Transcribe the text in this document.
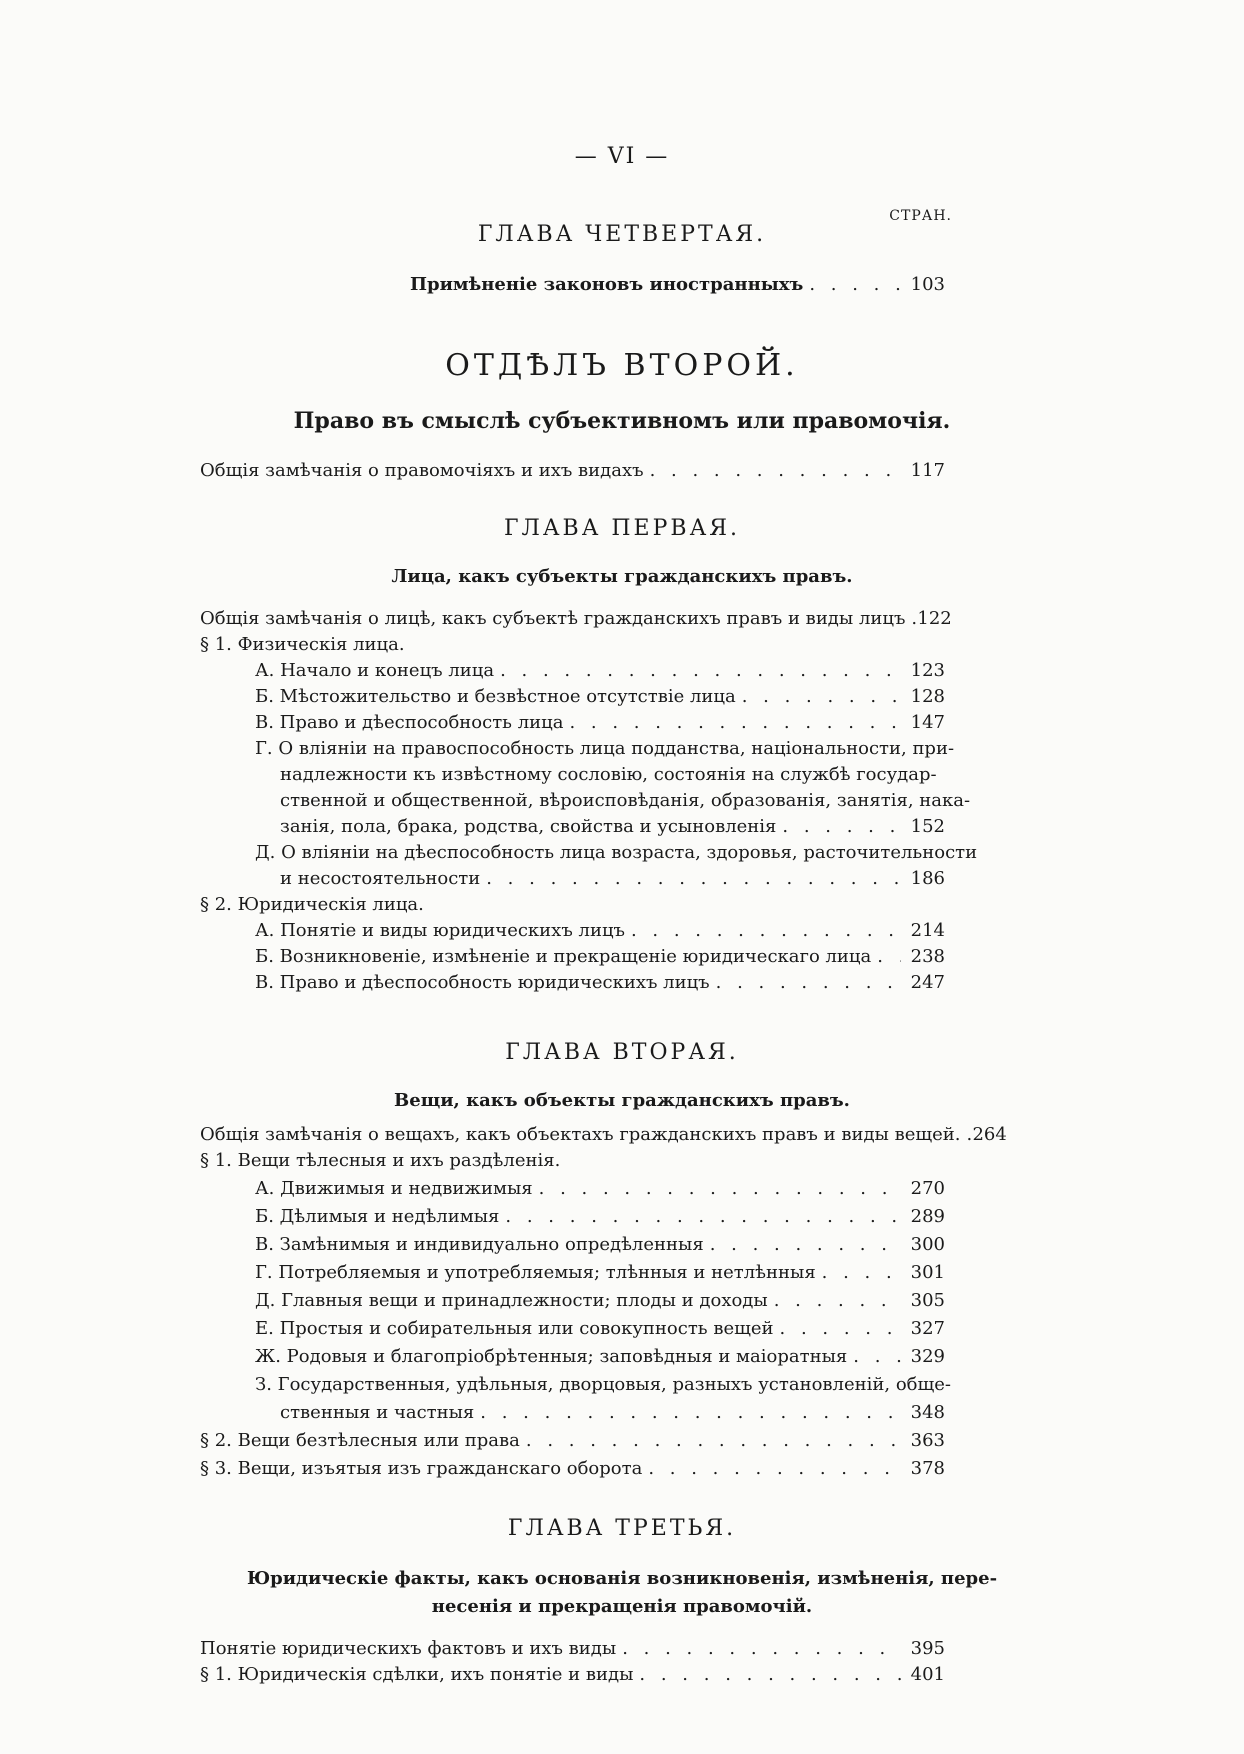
— VI —
СТРАН.
ГЛАВА ЧЕТВЕРТАЯ.
Примѣненіе законовъ иностранныхъ . . .	103
ОТДѢЛЪ ВТОРОЙ.
Право въ смыслѣ субъективномъ или правомочія.
Общія замѣчанія о правомочіяхъ и ихъ видахъ . . .	117
ГЛАВА ПЕРВАЯ.
Лица, какъ субъекты гражданскихъ правъ.
Общія замѣчанія о лицѣ, какъ субъектѣ гражданскихъ правъ и виды лицъ . . . 122
§ 1. Физическія лица.
А. Начало и конецъ лица . . .	123
Б. Мѣстожительство и безвѣстное отсутствіе лица . . .	128
В. Право и дѣеспособность лица . . .	147
Г. О вліяніи на правоспособность лица подданства, національности, при-
надлежности къ извѣстному сословію, состоянія на службѣ государ-
ственной и общественной, вѣроисповѣданія, образованія, занятія, нака-
занія, пола, брака, родства, свойства и усыновленія . . .	152
Д. О вліяніи на дѣеспособность лица возраста, здоровья, расточительности
и несостоятельности . . .	186
§ 2. Юридическія лица.
А. Понятіе и виды юридическихъ лицъ . . .	214
Б. Возникновеніе, измѣненіе и прекращеніе юридическаго лица . . .	238
В. Право и дѣеспособность юридическихъ лицъ . . .	247
ГЛАВА ВТОРАЯ.
Вещи, какъ объекты гражданскихъ правъ.
Общія замѣчанія о вещахъ, какъ объектахъ гражданскихъ правъ и виды вещей. . . . 264
§ 1. Вещи тѣлесныя и ихъ раздѣленія.
А. Движимыя и недвижимыя . . .	270
Б. Дѣлимыя и недѣлимыя . . .	289
В. Замѣнимыя и индивидуально опредѣленныя . . .	300
Г. Потребляемыя и употребляемыя; тлѣнныя и нетлѣнныя . . .	301
Д. Главныя вещи и принадлежности; плоды и доходы . . .	305
Е. Простыя и собирательныя или совокупность вещей . . .	327
Ж. Родовыя и благопріобрѣтенныя; заповѣдныя и маіоратныя . . .	329
З. Государственныя, удѣльныя, дворцовыя, разныхъ установленій, обще-
ственныя и частныя . . .	348
§ 2. Вещи безтѣлесныя или права . . .	363
§ 3. Вещи, изъятыя изъ гражданскаго оборота . . .	378
ГЛАВА ТРЕТЬЯ.
Юридическіе факты, какъ основанія возникновенія, измѣненія, пере-
несенія и прекращенія правомочій.
Понятіе юридическихъ фактовъ и ихъ виды . . .	395
§ 1. Юридическія сдѣлки, ихъ понятіе и виды . . .	401
